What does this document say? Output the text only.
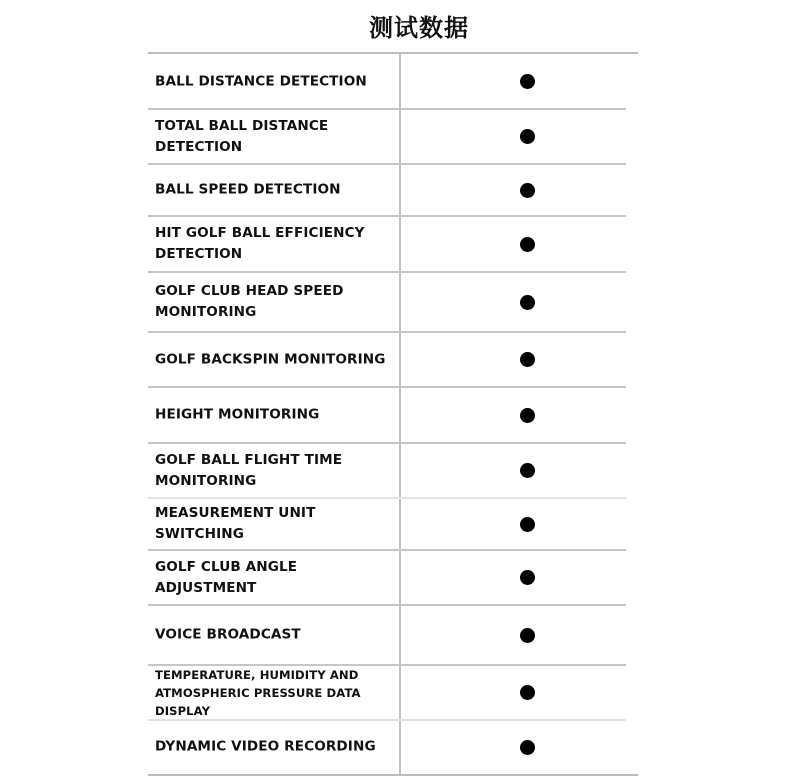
测试数据
BALL DISTANCE DETECTION
TOTAL BALL DISTANCE DETECTION
BALL SPEED DETECTION
HIT GOLF BALL EFFICIENCY
DETECTION
GOLF CLUB HEAD SPEED
MONITORING
GOLF BACKSPIN MONITORING
HEIGHT MONITORING
GOLF BALL FLIGHT TIME
MONITORING
MEASUREMENT UNIT SWITCHING
GOLF CLUB ANGLE ADJUSTMENT
VOICE BROADCAST
TEMPERATURE, HUMIDITY AND
ATMOSPHERIC PRESSURE DATA DISPLAY
DYNAMIC VIDEO RECORDING
